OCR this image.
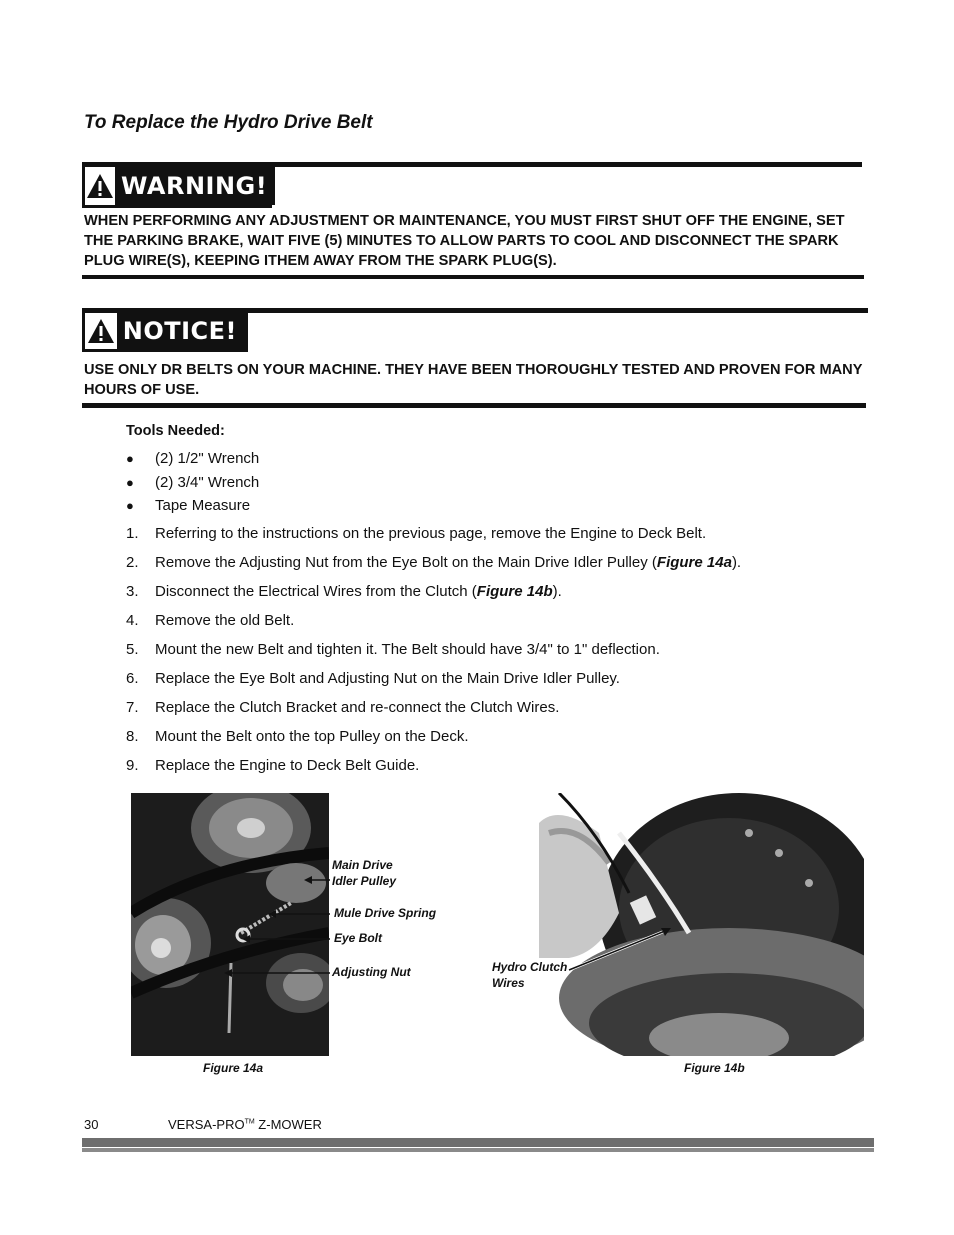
To Replace the Hydro Drive Belt
WARNING!
WHEN PERFORMING ANY ADJUSTMENT OR MAINTENANCE, YOU MUST FIRST SHUT OFF THE ENGINE, SET THE PARKING BRAKE, WAIT FIVE (5) MINUTES TO ALLOW PARTS TO COOL AND DISCONNECT THE SPARK PLUG WIRE(S), KEEPING ITHEM AWAY FROM THE SPARK PLUG(S).
NOTICE!
USE ONLY DR BELTS ON YOUR MACHINE. THEY HAVE BEEN THOROUGHLY TESTED AND PROVEN FOR MANY HOURS OF USE.
Tools Needed:
●	(2) 1/2" Wrench
●	(2) 3/4" Wrench
●	Tape Measure
1.	Referring to the instructions on the previous page, remove the Engine to Deck Belt.
2.	Remove the Adjusting Nut from the Eye Bolt on the Main Drive Idler Pulley (Figure 14a).
3.	Disconnect the Electrical Wires from the Clutch (Figure 14b).
4.	Remove the old Belt.
5.	Mount the new Belt and tighten it. The Belt should have 3/4" to 1" deflection.
6.	Replace the Eye Bolt and Adjusting Nut on the Main Drive Idler Pulley.
7.	Replace the Clutch Bracket and re-connect the Clutch Wires.
8.	Mount the Belt onto the top Pulley on the Deck.
9.	Replace the Engine to Deck Belt Guide.
Main Drive
Idler Pulley
Mule Drive Spring
Eye Bolt
Adjusting Nut
Figure 14a
Hydro Clutch
Wires
Figure 14b
30	VERSA-PRO™ Z-MOWER
